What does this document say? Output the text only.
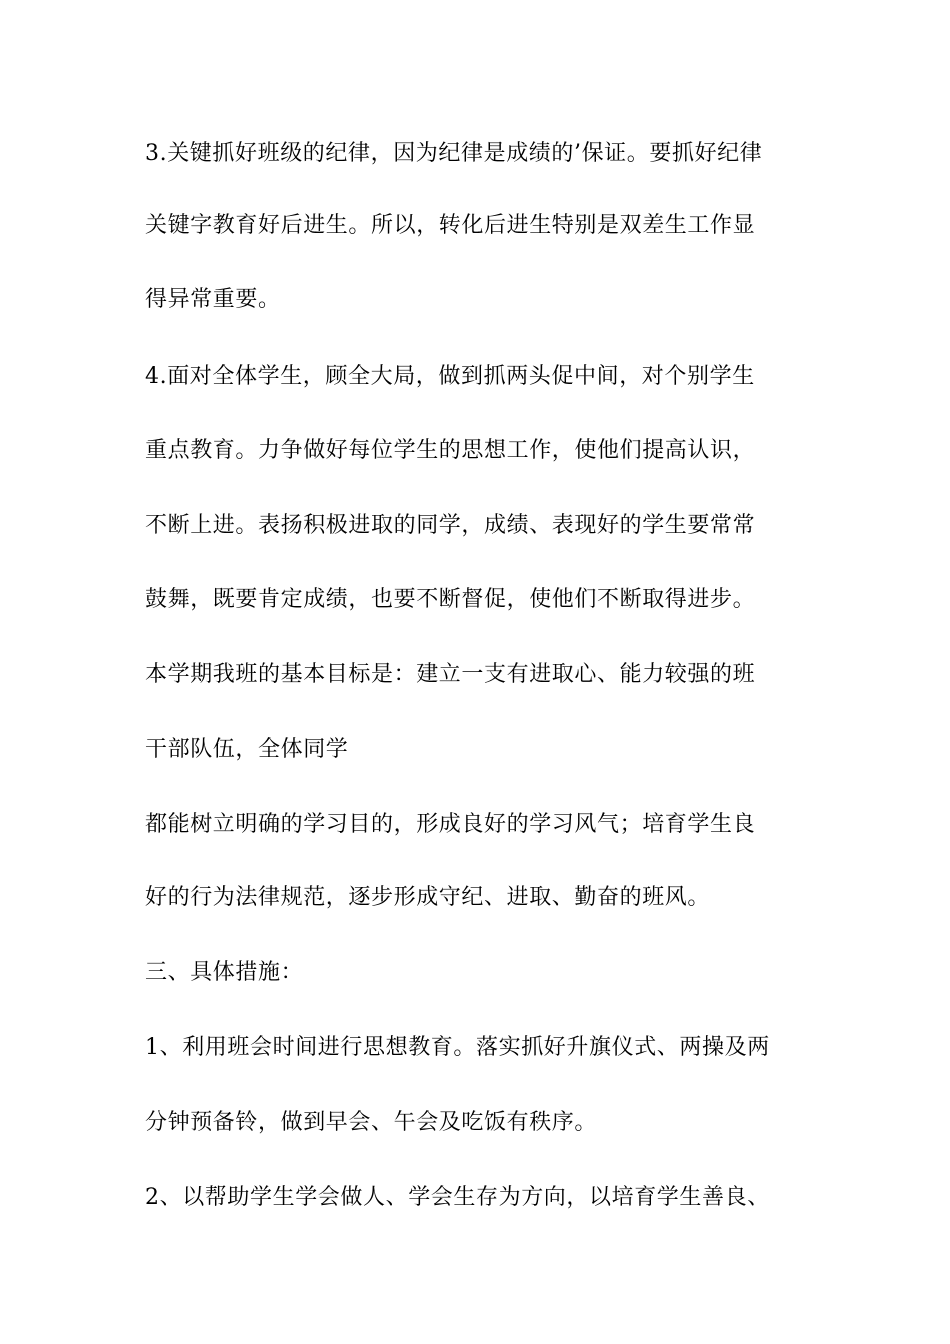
3.关键抓好班级的纪律，因为纪律是成绩的’保证。要抓好纪律
关键字教育好后进生。所以，转化后进生特别是双差生工作显
得异常重要。
4.面对全体学生，顾全大局，做到抓两头促中间，对个别学生
重点教育。力争做好每位学生的思想工作，使他们提高认识，
不断上进。表扬积极进取的同学，成绩、表现好的学生要常常
鼓舞，既要肯定成绩，也要不断督促，使他们不断取得进步。
本学期我班的基本目标是：建立一支有进取心、能力较强的班
干部队伍，全体同学
都能树立明确的学习目的，形成良好的学习风气；培育学生良
好的行为法律规范，逐步形成守纪、进取、勤奋的班风。
三、具体措施：
1、利用班会时间进行思想教育。落实抓好升旗仪式、两操及两
分钟预备铃，做到早会、午会及吃饭有秩序。
2、以帮助学生学会做人、学会生存为方向，以培育学生善良、
